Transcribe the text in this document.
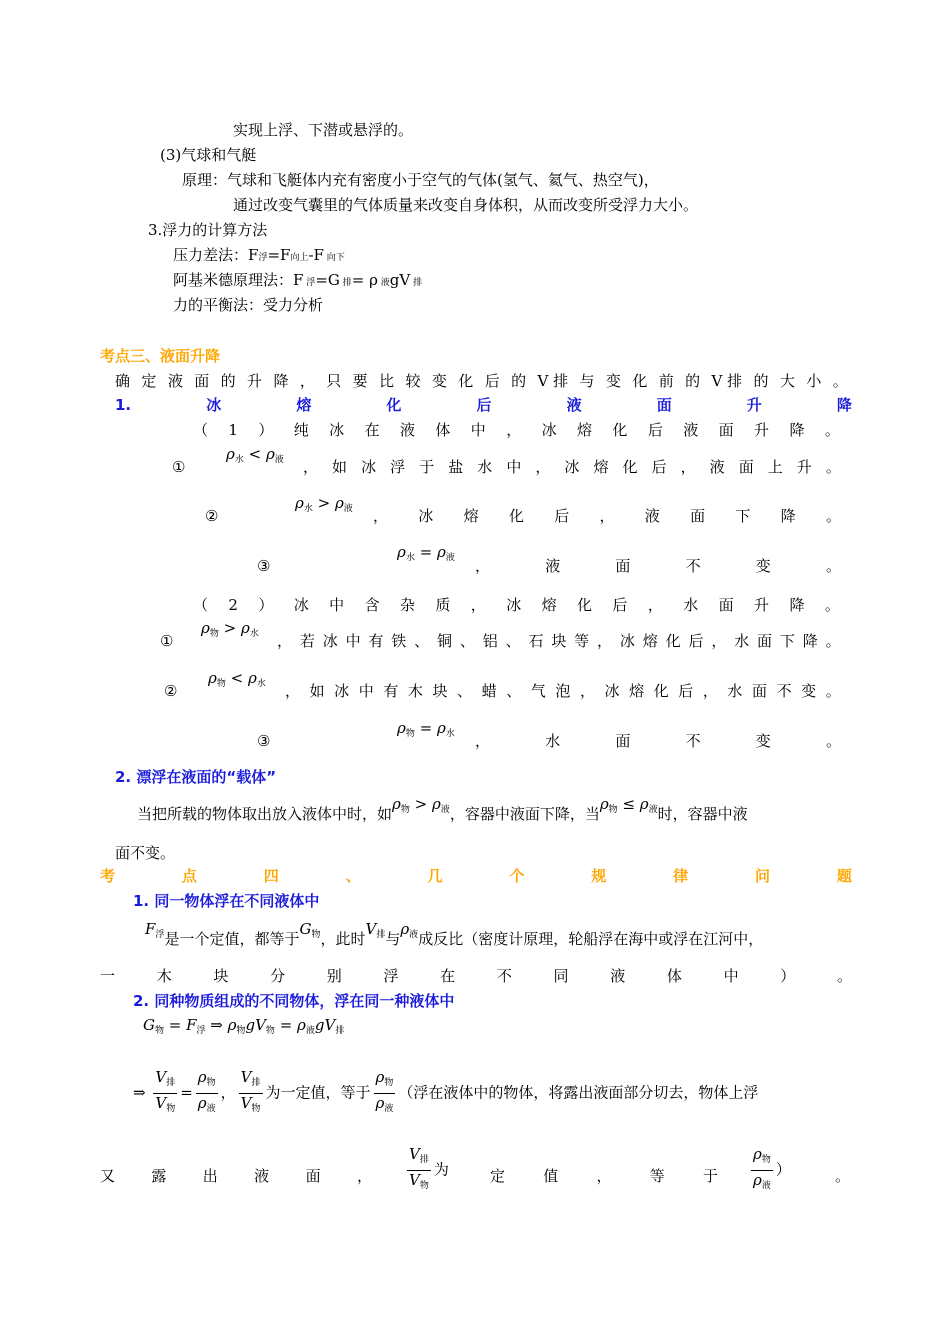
实现上浮、下潜或悬浮的。
(3)气球和气艇
原理：气球和飞艇体内充有密度小于空气的气体(氢气、氦气、热空气)，
通过改变气囊里的气体质量来改变自身体积，从而改变所受浮力大小。
3.浮力的计算方法
压力差法：F浮=F向上-F 向下
阿基米德原理法：F 浮=G 排= ρ 液gV 排
力的平衡法：受力分析
考点三、液面升降
确 定 液 面 的 升 降 ， 只 要 比 较 变 化 后 的 V 排 与 变 化 前 的 V 排 的 大 小 。
1.	冰	熔	化	后	液	面	升	降
（ 1 ） 纯 冰 在 液 体 中 ， 冰 熔 化 后 液 面 升 降 。
①
$\rho_水 < \rho_液$ ， 如 冰 浮 于 盐 水 中 ， 冰 熔 化 后 ， 液 面 上 升 。
②
$\rho_水 > \rho_液$ ， 冰 熔 化 后 ， 液 面 下 降 。
③
$\rho_水 = \rho_液$ ，	液	面	不	变	。
（ 2 ） 冰 中 含 杂 质 ， 冰 熔 化 后 ， 水 面 升 降 。
①
$\rho_物 > \rho_水$ ， 若 冰 中 有 铁 、 铜 、 铝 、 石 块 等 ， 冰 熔 化 后 ， 水 面 下 降 。
②
$\rho_物 < \rho_水$ ， 如 冰 中 有 木 块 、 蜡 、 气 泡 ， 冰 熔 化 后 ， 水 面 不 变 。
③
$\rho_物 = \rho_水$ ，	水	面	不	变	。
2. 漂浮在液面的“载体”
当把所载的物体取出放入液体中时，如$\rho_物 > \rho_液$，容器中液面下降，当$\rho_物 \le \rho_液$时，容器中液
面不变。
考	点	四	、	几	个	规	律	问	题
1. 同一物体浮在不同液体中
$F_浮$是一个定值，都等于$G_物$，此时$V_排$与$\rho_液$成反比（密度计原理，轮船浮在海中或浮在江河中，
一	木	块	分	别	浮	在	不	同	液	体	中	）	。
2. 同种物质组成的不同物体，浮在同一种液体中
$G_物 = F_浮$ ⇒ $\rho_物gV_物 = \rho_液gV_排$
⇒ $\frac{V_排}{V_物} = \frac{\rho_物}{\rho_液}$ ， $\frac{V_排}{V_物}$ 为一定值，等于 $\frac{\rho_物}{\rho_液}$ （浮在液体中的物体，将露出液面部分切去，物体上浮
又 露 出 液 面 ， $\frac{V_排}{V_物}$ 为	定	值	，	等	于 $\frac{\rho_物}{\rho_液}$ ）	。
